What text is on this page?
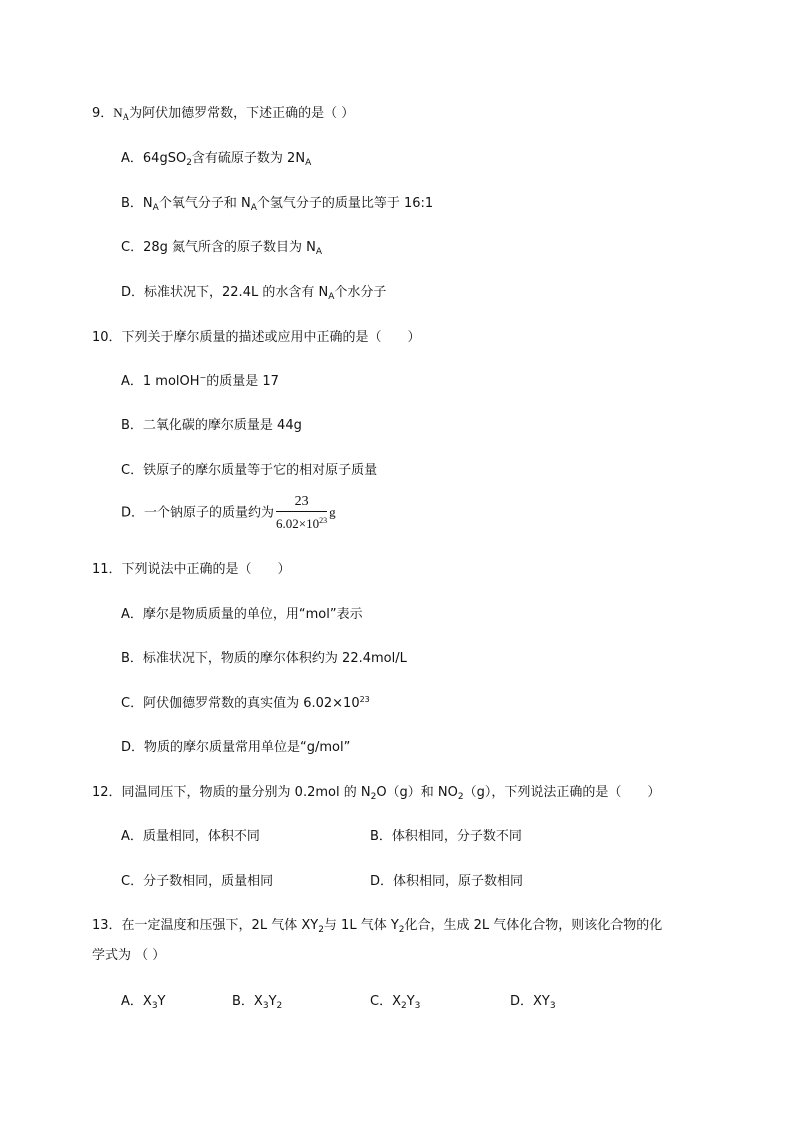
9．$N_A$为阿伏加德罗常数，下述正确的是（ ）
A．64gSO$_2$含有硫原子数为 $2N_A$
B．$N_A$个氧气分子和 $N_A$个氢气分子的质量比等于 16:1
C．28g 氮气所含的原子数目为 $N_A$
D．标准状况下，22.4L 的水含有 $N_A$个水分子
10．下列关于摩尔质量的描述或应用中正确的是（　　）
A．1 molOH−的质量是 17
B．二氧化碳的摩尔质量是 44g
C．铁原子的摩尔质量等于它的相对原子质量
D．一个钠原子的质量约为 $\frac{23}{6.02\times 10^{23}}$ g
11．下列说法中正确的是（　　）
A．摩尔是物质质量的单位，用“mol”表示
B．标准状况下，物质的摩尔体积约为 22.4mol/L
C．阿伏伽德罗常数的真实值为 $6.02\times 10^{23}$
D．物质的摩尔质量常用单位是“g/mol”
12．同温同压下，物质的量分别为 0.2mol 的 $N_2O(g)$和 $NO_2(g)$，下列说法正确的是（　　）
A．质量相同，体积不同	B．体积相同，分子数不同
C．分子数相同，质量相同	D．体积相同，原子数相同
13．在一定温度和压强下，2L 气体 $XY_2$与 1L 气体 $Y_2$化合，生成 2L 气体化合物，则该化合物的化
学式为 （ ）
A．$X_3Y$	B．$X_3Y_2$	C．$X_2Y_3$	D．$XY_3$
